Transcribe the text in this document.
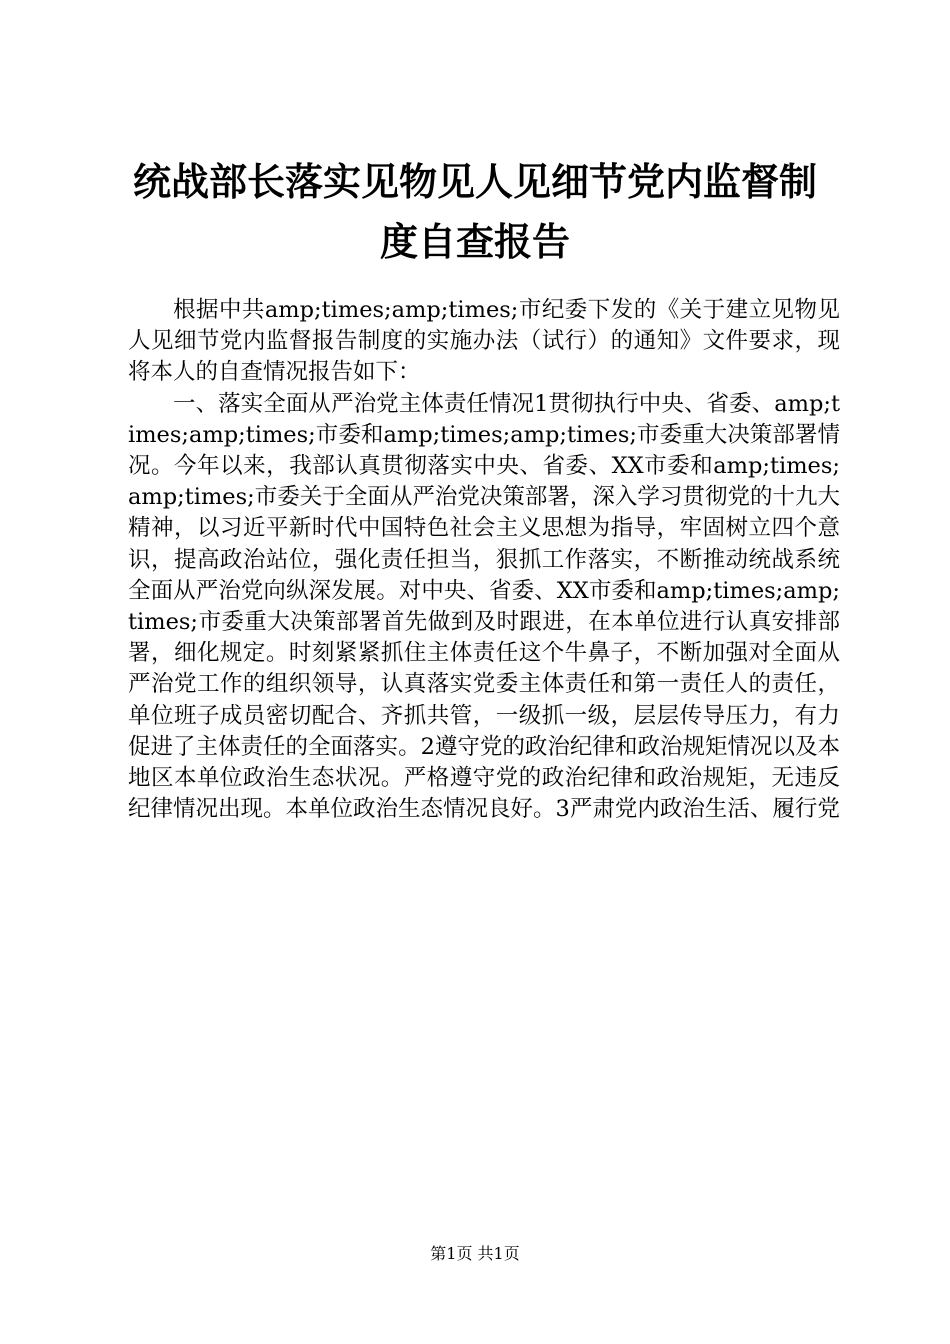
统战部长落实见物见人见细节党内监督制度自查报告

根据中共amp;times;amp;times;市纪委下发的《关于建立见物见人见细节党内监督报告制度的实施办法（试行）的通知》文件要求，现将本人的自查情况报告如下：

一、落实全面从严治党主体责任情况1贯彻执行中央、省委、amp;times;amp;times;市委和amp;times;amp;times;市委重大决策部署情况。今年以来，我部认真贯彻落实中央、省委、XX市委和amp;times;amp;times;市委关于全面从严治党决策部署，深入学习贯彻党的十九大精神，以习近平新时代中国特色社会主义思想为指导，牢固树立四个意识，提高政治站位，强化责任担当，狠抓工作落实，不断推动统战系统全面从严治党向纵深发展。对中央、省委、XX市委和amp;times;amp;times;市委重大决策部署首先做到及时跟进，在本单位进行认真安排部署，细化规定。时刻紧紧抓住主体责任这个牛鼻子，不断加强对全面从严治党工作的组织领导，认真落实党委主体责任和第一责任人的责任，单位班子成员密切配合、齐抓共管，一级抓一级，层层传导压力，有力促进了主体责任的全面落实。2遵守党的政治纪律和政治规矩情况以及本地区本单位政治生态状况。严格遵守党的政治纪律和政治规矩，无违反纪律情况出现。本单位政治生态情况良好。3严肃党内政治生活、履行党

第1页 共1页
